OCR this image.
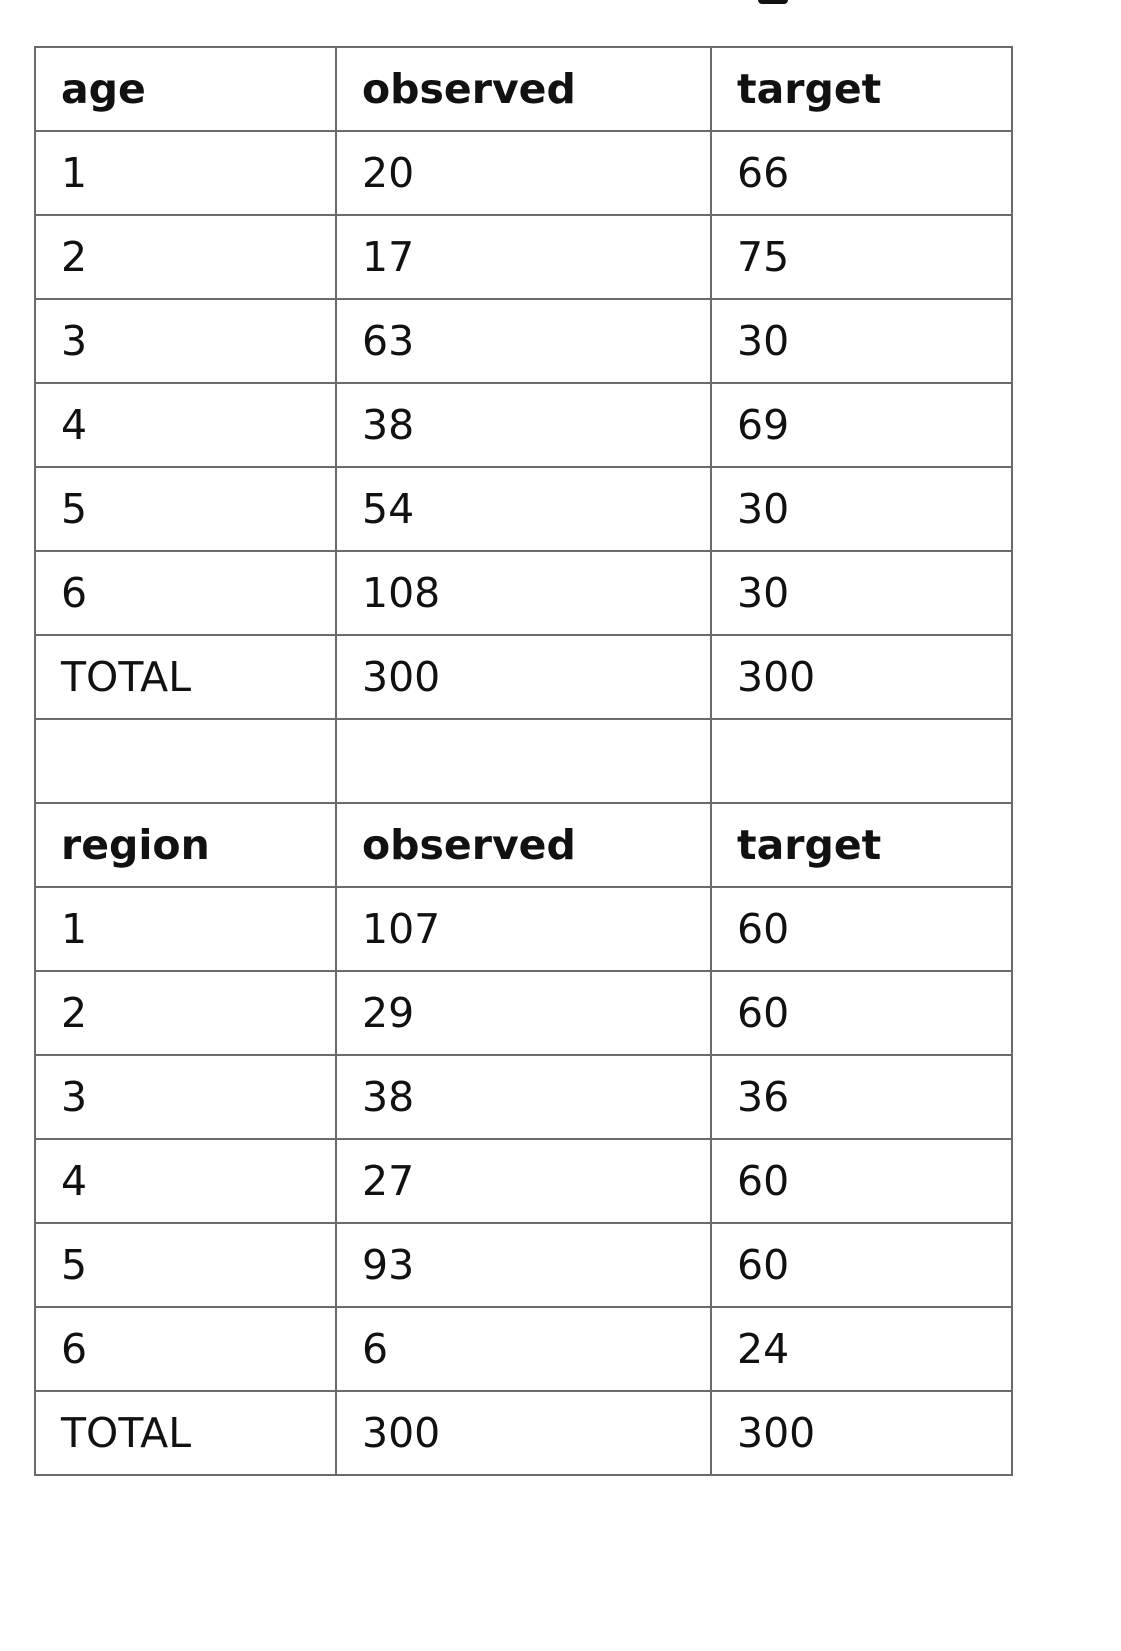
age	observed	target
1	20	66
2	17	75
3	63	30
4	38	69
5	54	30
6	108	30
TOTAL	300	300

region	observed	target
1	107	60
2	29	60
3	38	36
4	27	60
5	93	60
6	6	24
TOTAL	300	300
